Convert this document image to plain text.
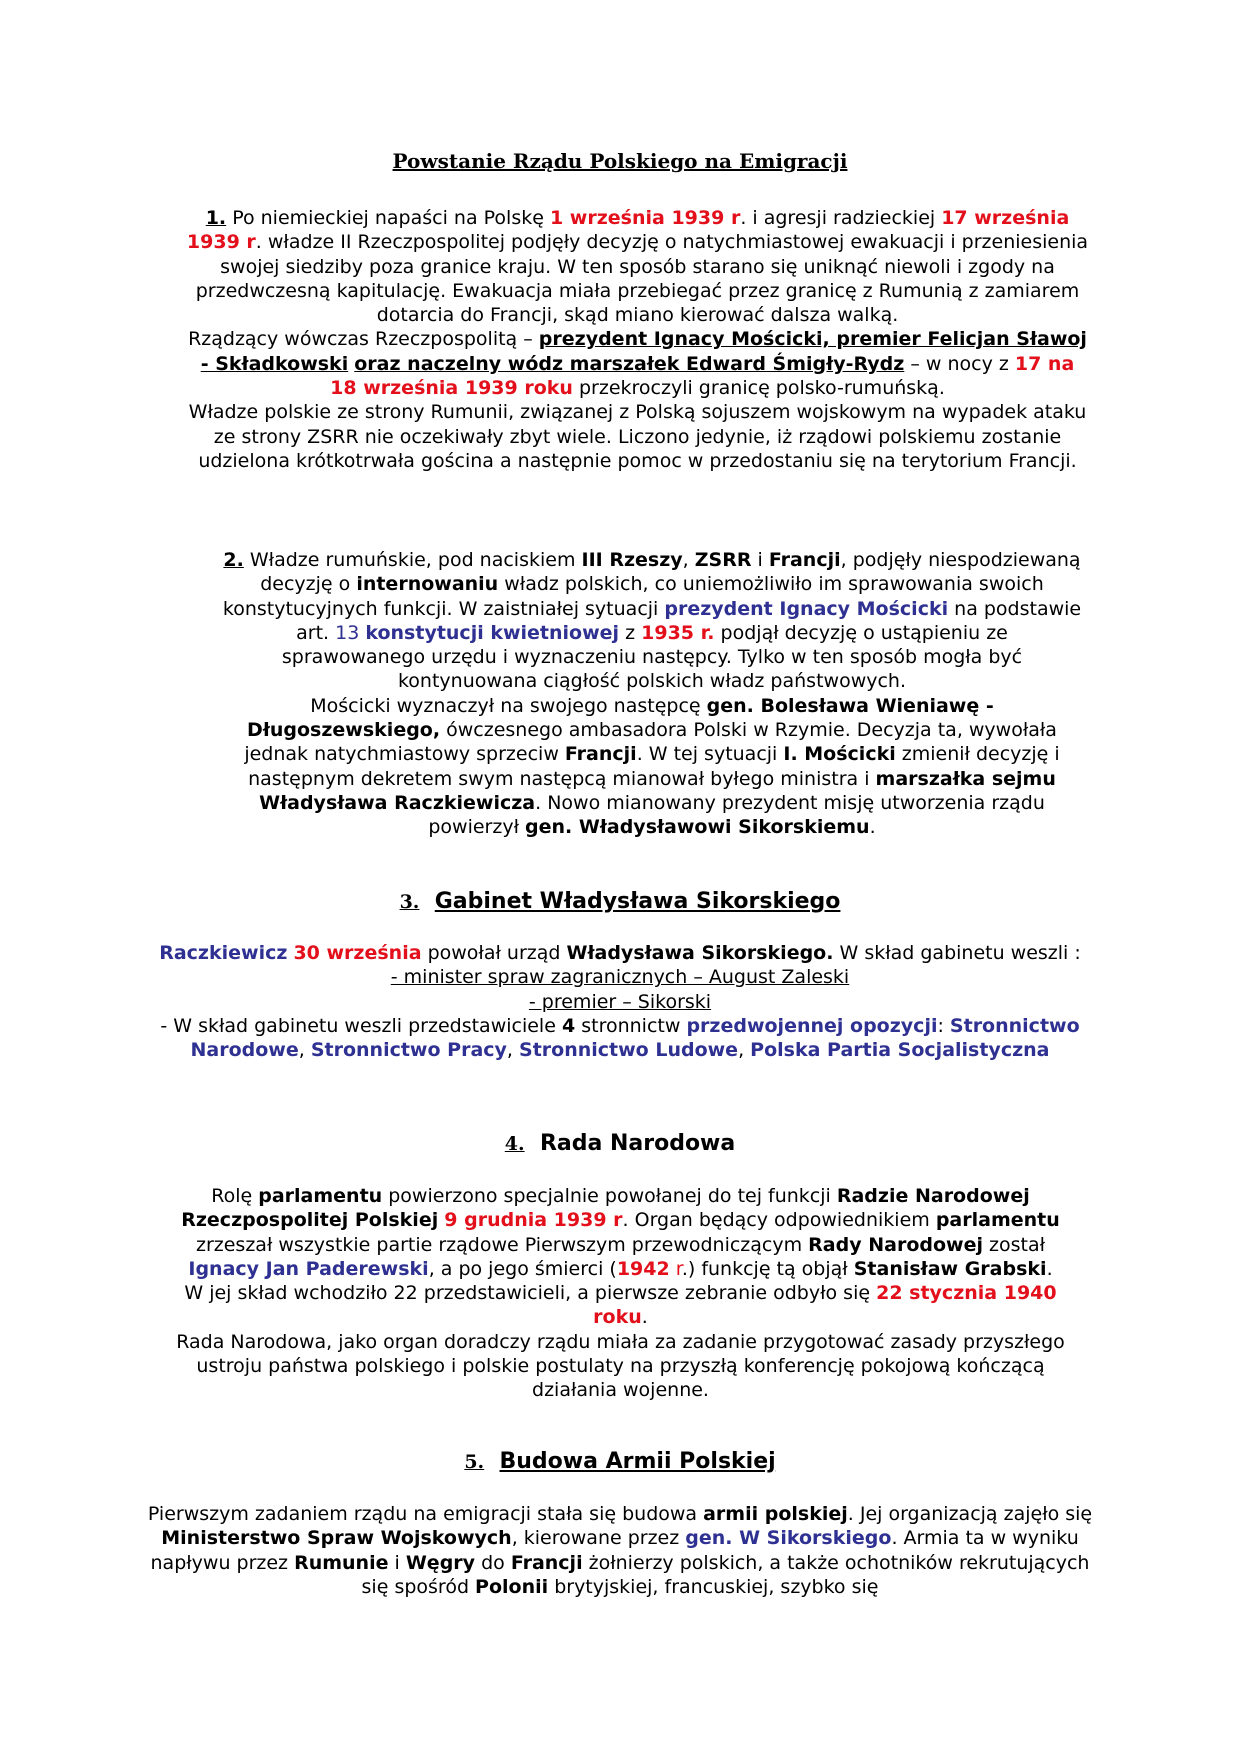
Powstanie Rządu Polskiego na Emigracji

1. Po niemieckiej napaści na Polskę 1 września 1939 r. i agresji radzieckiej 17 września 1939 r. władze II Rzeczpospolitej podjęły decyzję o natychmiastowej ewakuacji i przeniesienia swojej siedziby poza granice kraju. W ten sposób starano się uniknąć niewoli i zgody na przedwczesną kapitulację. Ewakuacja miała przebiegać przez granicę z Rumunią z zamiarem dotarcia do Francji, skąd miano kierować dalsza walką.

Rządzący wówczas Rzeczpospolitą – prezydent Ignacy Mościcki, premier Felicjan Sławoj - Składkowski oraz naczelny wódz marszałek Edward Śmigły-Rydz – w nocy z 17 na 18 września 1939 roku przekroczyli granicę polsko-rumuńską.

Władze polskie ze strony Rumunii, związanej z Polską sojuszem wojskowym na wypadek ataku ze strony ZSRR nie oczekiwały zbyt wiele. Liczono jedynie, iż rządowi polskiemu zostanie udzielona krótkotrwała gościna a następnie pomoc w przedostaniu się na terytorium Francji.

2. Władze rumuńskie, pod naciskiem III Rzeszy, ZSRR i Francji, podjęły niespodziewaną decyzję o internowaniu władz polskich, co uniemożliwiło im sprawowania swoich konstytucyjnych funkcji. W zaistniałej sytuacji prezydent Ignacy Mościcki na podstawie art. 13 konstytucji kwietniowej z 1935 r. podjął decyzję o ustąpieniu ze sprawowanego urzędu i wyznaczeniu następcy. Tylko w ten sposób mogła być kontynuowana ciągłość polskich władz państwowych.

Mościcki wyznaczył na swojego następcę gen. Bolesława Wieniawę - Długoszewskiego, ówczesnego ambasadora Polski w Rzymie. Decyzja ta, wywołała jednak natychmiastowy sprzeciw Francji. W tej sytuacji I. Mościcki zmienił decyzję i następnym dekretem swym następcą mianował byłego ministra i marszałka sejmu Władysława Raczkiewicza. Nowo mianowany prezydent misję utworzenia rządu powierzył gen. Władysławowi Sikorskiemu.

3. Gabinet Władysława Sikorskiego

Raczkiewicz 30 września powołał urząd Władysława Sikorskiego. W skład gabinetu weszli :

- minister spraw zagranicznych – August Zaleski

- premier – Sikorski

- W skład gabinetu weszli przedstawiciele 4 stronnictw przedwojennej opozycji: Stronnictwo Narodowe, Stronnictwo Pracy, Stronnictwo Ludowe, Polska Partia Socjalistyczna

4. Rada Narodowa

Rolę parlamentu powierzono specjalnie powołanej do tej funkcji Radzie Narodowej Rzeczpospolitej Polskiej 9 grudnia 1939 r. Organ będący odpowiednikiem parlamentu zrzeszał wszystkie partie rządowe Pierwszym przewodniczącym Rady Narodowej został Ignacy Jan Paderewski, a po jego śmierci (1942 r.) funkcję tą objął Stanisław Grabski.

W jej skład wchodziło 22 przedstawicieli, a pierwsze zebranie odbyło się 22 stycznia 1940 roku.

Rada Narodowa, jako organ doradczy rządu miała za zadanie przygotować zasady przyszłego ustroju państwa polskiego i polskie postulaty na przyszłą konferencję pokojową kończącą działania wojenne.

5. Budowa Armii Polskiej

Pierwszym zadaniem rządu na emigracji stała się budowa armii polskiej. Jej organizacją zajęło się Ministerstwo Spraw Wojskowych, kierowane przez gen. W Sikorskiego. Armia ta w wyniku napływu przez Rumunie i Węgry do Francji żołnierzy polskich, a także ochotników rekrutujących się spośród Polonii brytyjskiej, francuskiej, szybko się
